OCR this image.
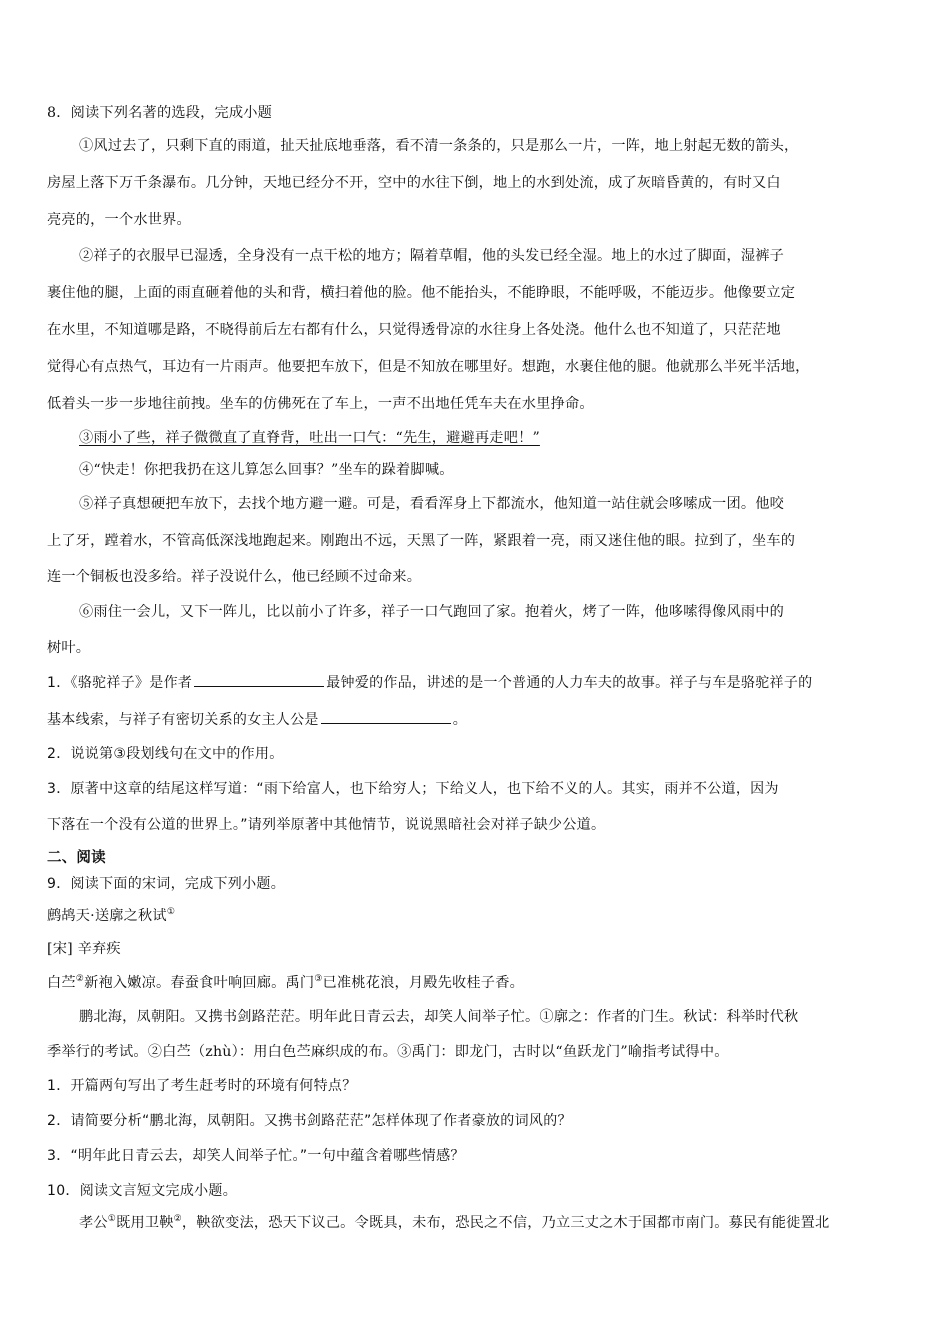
8．阅读下列名著的选段，完成小题
①风过去了，只剩下直的雨道，扯天扯底地垂落，看不清一条条的，只是那么一片，一阵，地上射起无数的箭头，
房屋上落下万千条瀑布。几分钟，天地已经分不开，空中的水往下倒，地上的水到处流，成了灰暗昏黄的，有时又白
亮亮的，一个水世界。
②祥子的衣服早已湿透，全身没有一点干松的地方；隔着草帽，他的头发已经全湿。地上的水过了脚面，湿裤子
裹住他的腿，上面的雨直砸着他的头和背，横扫着他的脸。他不能抬头，不能睁眼，不能呼吸，不能迈步。他像要立定
在水里，不知道哪是路，不晓得前后左右都有什么，只觉得透骨凉的水往身上各处浇。他什么也不知道了，只茫茫地
觉得心有点热气，耳边有一片雨声。他要把车放下，但是不知放在哪里好。想跑，水裹住他的腿。他就那么半死半活地，
低着头一步一步地往前拽。坐车的仿佛死在了车上，一声不出地任凭车夫在水里挣命。
③雨小了些，祥子微微直了直脊背，吐出一口气：“先生，避避再走吧！”
④“快走！你把我扔在这儿算怎么回事？”坐车的跺着脚喊。
⑤祥子真想硬把车放下，去找个地方避一避。可是，看看浑身上下都流水，他知道一站住就会哆嗦成一团。他咬
上了牙，蹚着水，不管高低深浅地跑起来。刚跑出不远，天黑了一阵，紧跟着一亮，雨又迷住他的眼。拉到了，坐车的
连一个铜板也没多给。祥子没说什么，他已经顾不过命来。
⑥雨住一会儿，又下一阵儿，比以前小了许多，祥子一口气跑回了家。抱着火，烤了一阵，他哆嗦得像风雨中的
树叶。
1．《骆驼祥子》是作者	最钟爱的作品，讲述的是一个普通的人力车夫的故事。祥子与车是骆驼祥子的
基本线索，与祥子有密切关系的女主人公是	。
2．说说第③段划线句在文中的作用。
3．原著中这章的结尾这样写道：“雨下给富人，也下给穷人；下给义人，也下给不义的人。其实，雨并不公道，因为
下落在一个没有公道的世界上。”请列举原著中其他情节，说说黑暗社会对祥子缺少公道。
二、阅读
9．阅读下面的宋词，完成下列小题。
鹧鸪天·送廓之秋试①
[宋] 辛弃疾
白苎②新袍入嫩凉。春蚕食叶响回廊。禹门③已准桃花浪，月殿先收桂子香。
鹏北海，凤朝阳。又携书剑路茫茫。明年此日青云去，却笑人间举子忙。①廓之：作者的门生。秋试：科举时代秋
季举行的考试。②白苎（zhù）：用白色苎麻织成的布。③禹门：即龙门，古时以“鱼跃龙门”喻指考试得中。
1．开篇两句写出了考生赶考时的环境有何特点？
2．请简要分析“鹏北海，凤朝阳。又携书剑路茫茫”怎样体现了作者豪放的词风的？
3．“明年此日青云去，却笑人间举子忙。”一句中蕴含着哪些情感？
10．阅读文言短文完成小题。
孝公①既用卫鞅②，鞅欲变法，恐天下议己。令既具，未布，恐民之不信，乃立三丈之木于国都市南门。募民有能徙置北
